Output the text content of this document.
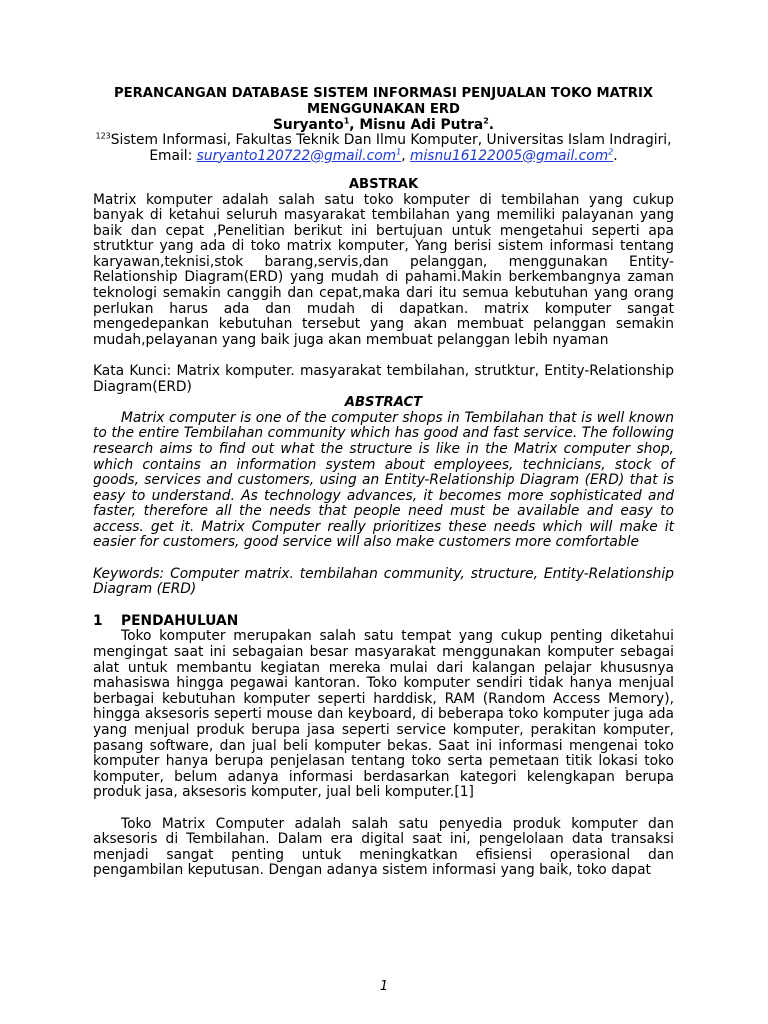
PERANCANGAN DATABASE SISTEM INFORMASI PENJUALAN TOKO MATRIX

MENGGUNAKAN ERD

Suryanto$^1$, Misnu Adi Putra$^2$.

$^{123}$Sistem Informasi, Fakultas Teknik Dan Ilmu Komputer, Universitas Islam Indragiri,

Email: suryanto120722@gmail.com$^1$, misnu16122005@gmail.com$^2$.

ABSTRAK

Matrix komputer adalah salah satu toko komputer di tembilahan yang cukup banyak di ketahui seluruh masyarakat tembilahan yang memiliki palayanan yang baik dan cepat ,Penelitian berikut ini bertujuan untuk mengetahui seperti apa strutktur yang ada di toko matrix komputer, Yang berisi sistem informasi tentang karyawan,teknisi,stok barang,servis,dan pelanggan, menggunakan Entity-Relationship Diagram(ERD) yang mudah di pahami.Makin berkembangnya zaman teknologi semakin canggih dan cepat,maka dari itu semua kebutuhan yang orang perlukan harus ada dan mudah di dapatkan. matrix komputer sangat mengedepankan kebutuhan tersebut yang akan membuat pelanggan semakin mudah,pelayanan yang baik juga akan membuat pelanggan lebih nyaman

Kata Kunci: Matrix komputer. masyarakat tembilahan, strutktur, Entity-Relationship Diagram(ERD)

ABSTRACT

Matrix computer is one of the computer shops in Tembilahan that is well known to the entire Tembilahan community which has good and fast service. The following research aims to find out what the structure is like in the Matrix computer shop, which contains an information system about employees, technicians, stock of goods, services and customers, using an Entity-Relationship Diagram (ERD) that is easy to understand. As technology advances, it becomes more sophisticated and faster, therefore all the needs that people need must be available and easy to access. get it. Matrix Computer really prioritizes these needs which will make it easier for customers, good service will also make customers more comfortable

Keywords: Computer matrix. tembilahan community, structure, Entity-Relationship Diagram (ERD)

1 PENDAHULUAN

Toko komputer merupakan salah satu tempat yang cukup penting diketahui mengingat saat ini sebagaian besar masyarakat menggunakan komputer sebagai alat untuk membantu kegiatan mereka mulai dari kalangan pelajar khususnya mahasiswa hingga pegawai kantoran. Toko komputer sendiri tidak hanya menjual berbagai kebutuhan komputer seperti harddisk, RAM (Random Access Memory), hingga aksesoris seperti mouse dan keyboard, di beberapa toko komputer juga ada yang menjual produk berupa jasa seperti service komputer, perakitan komputer, pasang software, dan jual beli komputer bekas. Saat ini informasi mengenai toko komputer hanya berupa penjelasan tentang toko serta pemetaan titik lokasi toko komputer, belum adanya informasi berdasarkan kategori kelengkapan berupa produk jasa, aksesoris komputer, jual beli komputer.[1]

Toko Matrix Computer adalah salah satu penyedia produk komputer dan aksesoris di Tembilahan. Dalam era digital saat ini, pengelolaan data transaksi menjadi sangat penting untuk meningkatkan efisiensi operasional dan pengambilan keputusan. Dengan adanya sistem informasi yang baik, toko dapat

1
